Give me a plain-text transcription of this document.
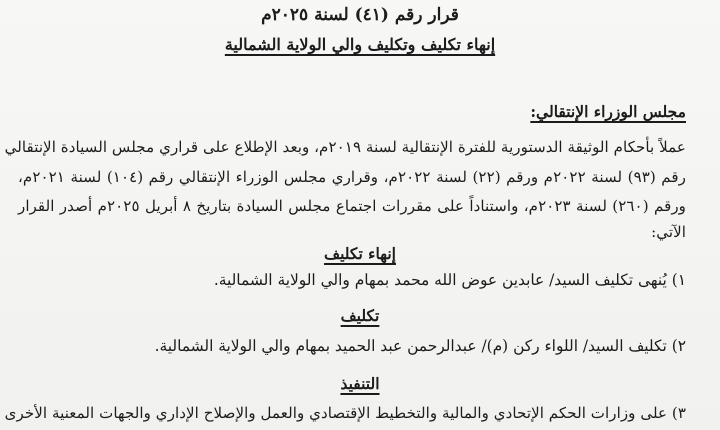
قرار رقم (٤١) لسنة ٢٠٢٥م
إنهاء تكليف وتكليف والي الولاية الشمالية
مجلس الوزراء الإنتقالي:
عملاً بأحكام الوثيقة الدستورية للفترة الإنتقالية لسنة ٢٠١٩م، وبعد الإطلاع على قراري مجلس السيادة الإنتقالي
رقم (٩٣) لسنة ٢٠٢٢م ورقم (٢٢) لسنة ٢٠٢٢م، وقراري مجلس الوزراء الإنتقالي رقم (١٠٤) لسنة ٢٠٢١م،
ورقم (٢٦٠) لسنة ٢٠٢٣م، واستناداً على مقررات اجتماع مجلس السيادة بتاريخ ٨ أبريل ٢٠٢٥م أصدر القرار
الآتي:
إنهاء تكليف
١) يُنهى تكليف السيد/ عابدين عوض الله محمد بمهام والي الولاية الشمالية.
تكليف
٢) تكليف السيد/ اللواء ركن (م)/ عبدالرحمن عبد الحميد بمهام والي الولاية الشمالية.
التنفيذ
٣) على وزارات الحكم الإتحادي والمالية والتخطيط الإقتصادي والعمل والإصلاح الإداري والجهات المعنية الأخرى
